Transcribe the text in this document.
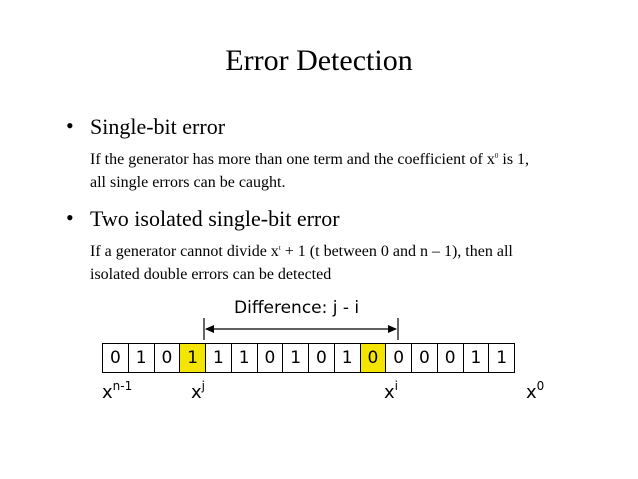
Error Detection
• Single-bit error
If the generator has more than one term and the coefficient of $x^0$ is 1,
all single errors can be caught.
• Two isolated single-bit error
If a generator cannot divide $x^t + 1$ (t between 0 and n – 1), then all
isolated double errors can be detected
Difference: j - i
0 1 0 1 1 1 0 1 0 1 0 0 0 0 1 1
$x^{n-1}$	$x^j$	$x^i$	$x^0$
